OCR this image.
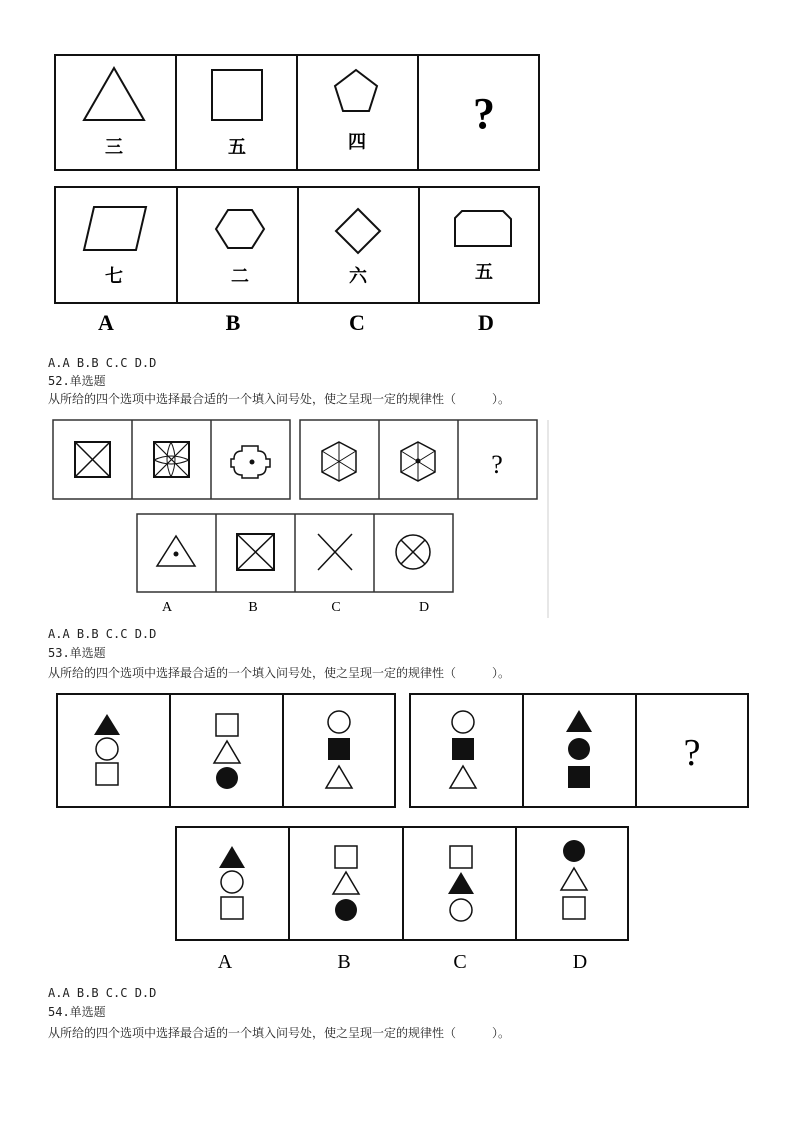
三	五	四
?
七	二	六	五
A	B	C	D
A.A B.B C.C D.D
52.单选题
从所给的四个选项中选择最合适的一个填入问号处，使之呈现一定的规律性（　　　）。
?
A	B	C	D
A.A B.B C.C D.D
53.单选题
从所给的四个选项中选择最合适的一个填入问号处，使之呈现一定的规律性（　　　）。
?
A	B	C	D
A.A B.B C.C D.D
54.单选题
从所给的四个选项中选择最合适的一个填入问号处，使之呈现一定的规律性（　　　）。
